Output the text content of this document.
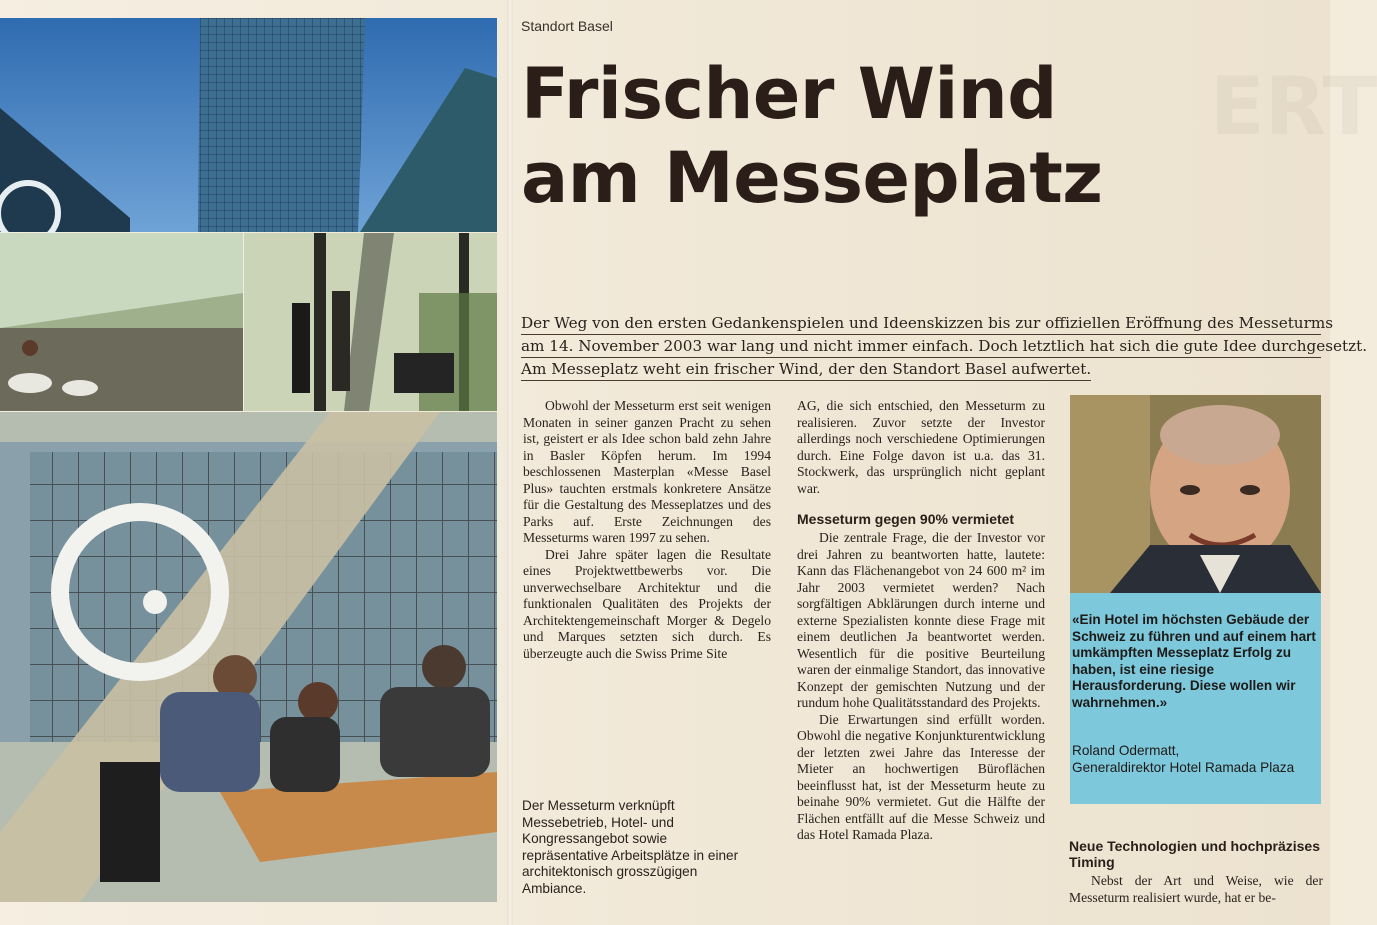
ERT
Standort Basel
Frischer Wind
am Messeplatz
Der Weg von den ersten Gedankenspielen und Ideenskizzen bis zur offiziellen Eröffnung des Messeturms
am 14. November 2003 war lang und nicht immer einfach. Doch letztlich hat sich die gute Idee durchgesetzt.
Am Messeplatz weht ein frischer Wind, der den Standort Basel aufwertet.

Obwohl der Messeturm erst seit wenigen Monaten in seiner ganzen Pracht zu sehen ist, geistert er als Idee schon bald zehn Jahre in Basler Köpfen herum. Im 1994 beschlossenen Masterplan «Messe Basel Plus» tauchten erstmals konkretere Ansätze für die Gestaltung des Messeplatzes und des Parks auf. Erste Zeichnungen des Messeturms waren 1997 zu sehen.

Drei Jahre später lagen die Resultate eines Projektwettbewerbs vor. Die unverwechselbare Architektur und die funktionalen Qualitäten des Projekts der Architektengemeinschaft Morger & Degelo und Marques setzten sich durch. Es überzeugte auch die Swiss Prime Site

AG, die sich entschied, den Messeturm zu realisieren. Zuvor setzte der Investor allerdings noch verschiedene Optimierungen durch. Eine Folge davon ist u.a. das 31. Stockwerk, das ursprünglich nicht geplant war.

Messeturm gegen 90% vermietet

Die zentrale Frage, die der Investor vor drei Jahren zu beantworten hatte, lautete: Kann das Flächenangebot von 24 600 m² im Jahr 2003 vermietet werden? Nach sorgfältigen Abklärungen durch interne und externe Spezialisten konnte diese Frage mit einem deutlichen Ja beantwortet werden. Wesentlich für die positive Beurteilung waren der einmalige Standort, das innovative Konzept der gemischten Nutzung und der rundum hohe Qualitätsstandard des Projekts.

Die Erwartungen sind erfüllt worden. Obwohl die negative Konjunkturentwicklung der letzten zwei Jahre das Interesse der Mieter an hochwertigen Büroflächen beeinflusst hat, ist der Messeturm heute zu beinahe 90% vermietet. Gut die Hälfte der Flächen entfällt auf die Messe Schweiz und das Hotel Ramada Plaza.

«Ein Hotel im höchsten Gebäude der Schweiz zu führen und auf einem hart umkämpften Messeplatz Erfolg zu haben, ist eine riesige Herausforderung. Diese wollen wir wahrnehmen.»
Roland Odermatt,
Generaldirektor Hotel Ramada Plaza
Neue Technologien und hochpräzises Timing

Nebst der Art und Weise, wie der Messeturm realisiert wurde, hat er be-

Der Messeturm verknüpft Messebetrieb, Hotel- und Kongressangebot sowie repräsentative Arbeitsplätze in einer architektonisch grosszügigen Ambiance.
